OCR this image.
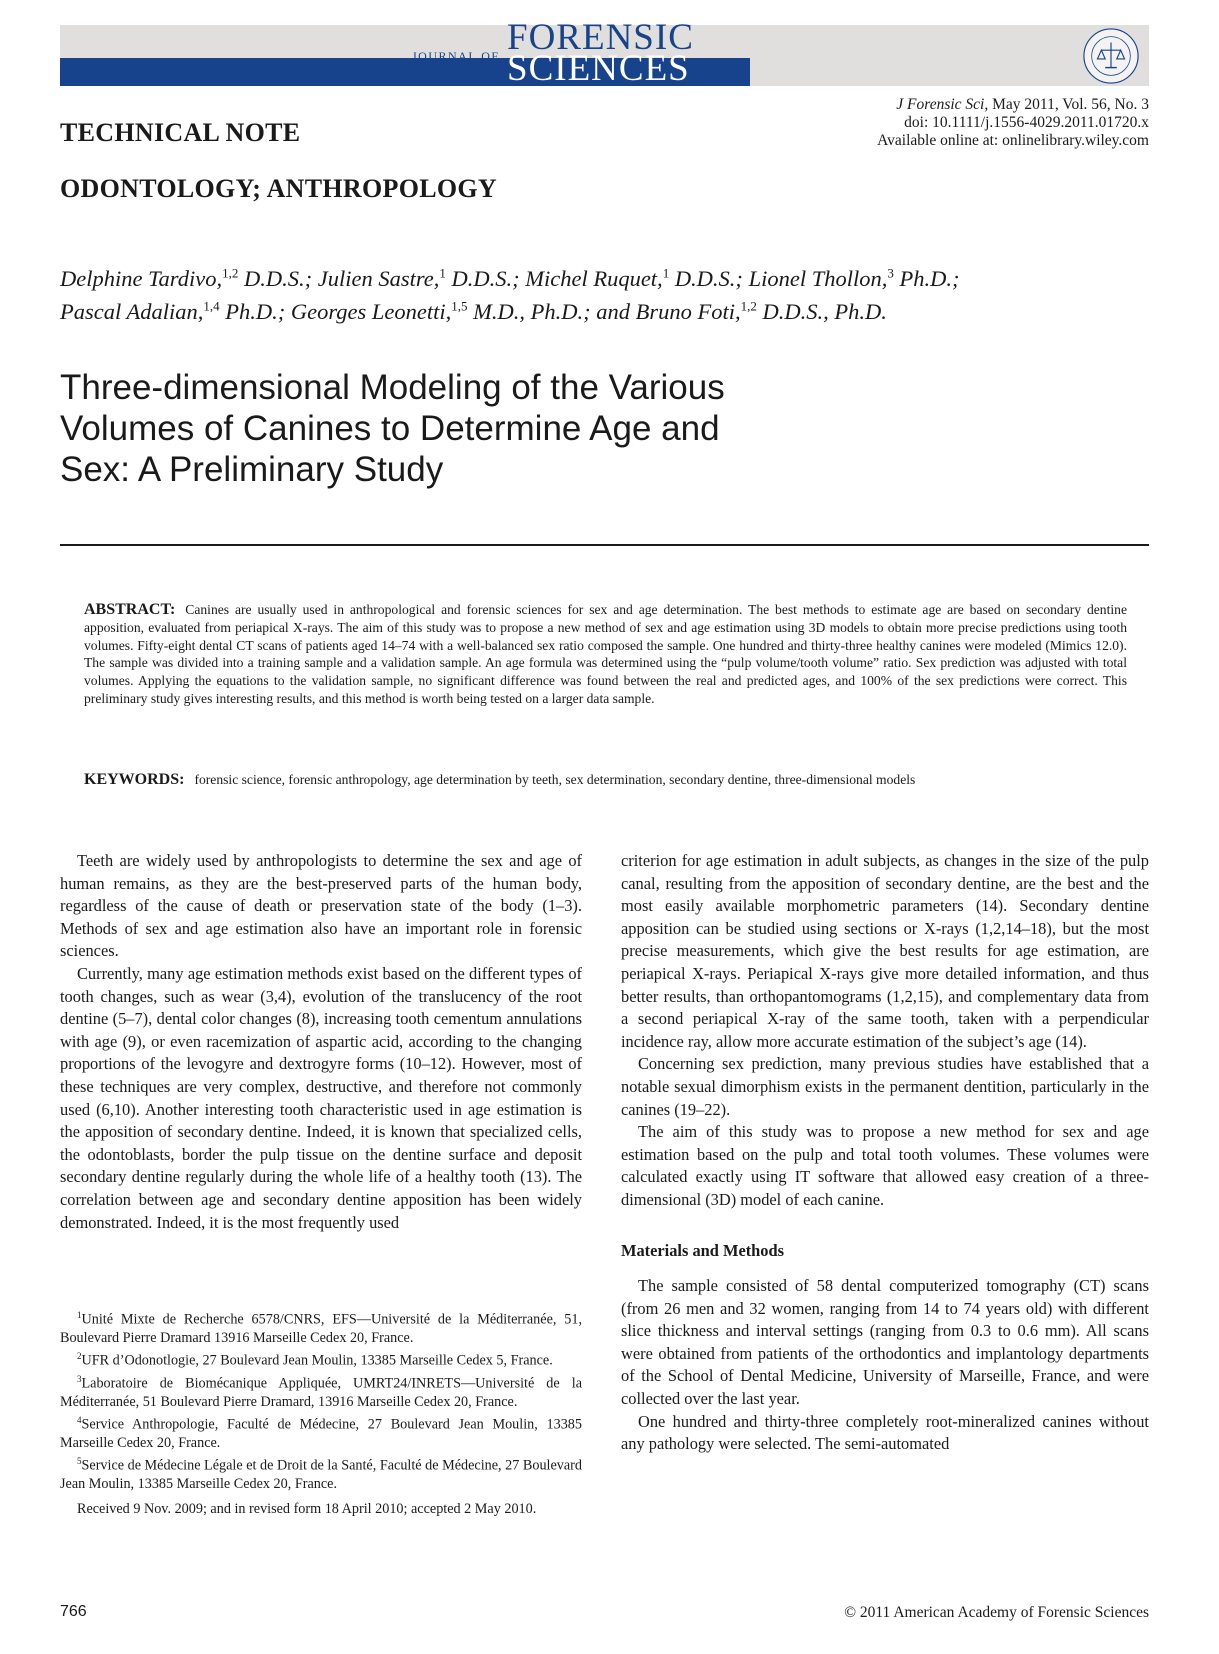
JOURNAL OF FORENSIC
SCIENCES
J Forensic Sci, May 2011, Vol. 56, No. 3
doi: 10.1111/j.1556-4029.2011.01720.x
Available online at: onlinelibrary.wiley.com
TECHNICAL NOTE
ODONTOLOGY; ANTHROPOLOGY
Delphine Tardivo,$^{1,2}$ D.D.S.; Julien Sastre,$^1$ D.D.S.; Michel Ruquet,$^1$ D.D.S.; Lionel Thollon,$^3$ Ph.D.;
Pascal Adalian,$^{1,4}$ Ph.D.; Georges Leonetti,$^{1,5}$ M.D., Ph.D.; and Bruno Foti,$^{1,2}$ D.D.S., Ph.D.
Three-dimensional Modeling of the Various
Volumes of Canines to Determine Age and
Sex: A Preliminary Study
ABSTRACT: Canines are usually used in anthropological and forensic sciences for sex and age determination. The best methods to estimate age are based on secondary dentine apposition, evaluated from periapical X-rays. The aim of this study was to propose a new method of sex and age estimation using 3D models to obtain more precise predictions using tooth volumes. Fifty-eight dental CT scans of patients aged 14–74 with a well-balanced sex ratio composed the sample. One hundred and thirty-three healthy canines were modeled (Mimics 12.0). The sample was divided into a training sample and a validation sample. An age formula was determined using the “pulp volume/tooth volume” ratio. Sex prediction was adjusted with total volumes. Applying the equations to the validation sample, no significant difference was found between the real and predicted ages, and 100% of the sex predictions were correct. This preliminary study gives interesting results, and this method is worth being tested on a larger data sample.
KEYWORDS: forensic science, forensic anthropology, age determination by teeth, sex determination, secondary dentine, three-dimensional models

Teeth are widely used by anthropologists to determine the sex and age of human remains, as they are the best-preserved parts of the human body, regardless of the cause of death or preservation state of the body (1–3). Methods of sex and age estimation also have an important role in forensic sciences.

Currently, many age estimation methods exist based on the different types of tooth changes, such as wear (3,4), evolution of the translucency of the root dentine (5–7), dental color changes (8), increasing tooth cementum annulations with age (9), or even racemization of aspartic acid, according to the changing proportions of the levogyre and dextrogyre forms (10–12). However, most of these techniques are very complex, destructive, and therefore not commonly used (6,10). Another interesting tooth characteristic used in age estimation is the apposition of secondary dentine. Indeed, it is known that specialized cells, the odontoblasts, border the pulp tissue on the dentine surface and deposit secondary dentine regularly during the whole life of a healthy tooth (13). The correlation between age and secondary dentine apposition has been widely demonstrated. Indeed, it is the most frequently used

criterion for age estimation in adult subjects, as changes in the size of the pulp canal, resulting from the apposition of secondary dentine, are the best and the most easily available morphometric parameters (14). Secondary dentine apposition can be studied using sections or X-rays (1,2,14–18), but the most precise measurements, which give the best results for age estimation, are periapical X-rays. Periapical X-rays give more detailed information, and thus better results, than orthopantomograms (1,2,15), and complementary data from a second periapical X-ray of the same tooth, taken with a perpendicular incidence ray, allow more accurate estimation of the subject’s age (14).

Concerning sex prediction, many previous studies have established that a notable sexual dimorphism exists in the permanent dentition, particularly in the canines (19–22).

The aim of this study was to propose a new method for sex and age estimation based on the pulp and total tooth volumes. These volumes were calculated exactly using IT software that allowed easy creation of a three-dimensional (3D) model of each canine.

Materials and Methods

The sample consisted of 58 dental computerized tomography (CT) scans (from 26 men and 32 women, ranging from 14 to 74 years old) with different slice thickness and interval settings (ranging from 0.3 to 0.6 mm). All scans were obtained from patients of the orthodontics and implantology departments of the School of Dental Medicine, University of Marseille, France, and were collected over the last year.

One hundred and thirty-three completely root-mineralized canines without any pathology were selected. The semi-automated

$^1$Unité Mixte de Recherche 6578/CNRS, EFS—Université de la Méditerranée, 51, Boulevard Pierre Dramard 13916 Marseille Cedex 20, France.

$^2$UFR d’Odonotlogie, 27 Boulevard Jean Moulin, 13385 Marseille Cedex 5, France.

$^3$Laboratoire de Biomécanique Appliquée, UMRT24/INRETS—Université de la Méditerranée, 51 Boulevard Pierre Dramard, 13916 Marseille Cedex 20, France.

$^4$Service Anthropologie, Faculté de Médecine, 27 Boulevard Jean Moulin, 13385 Marseille Cedex 20, France.

$^5$Service de Médecine Légale et de Droit de la Santé, Faculté de Médecine, 27 Boulevard Jean Moulin, 13385 Marseille Cedex 20, France.

Received 9 Nov. 2009; and in revised form 18 April 2010; accepted 2 May 2010.

766	© 2011 American Academy of Forensic Sciences
